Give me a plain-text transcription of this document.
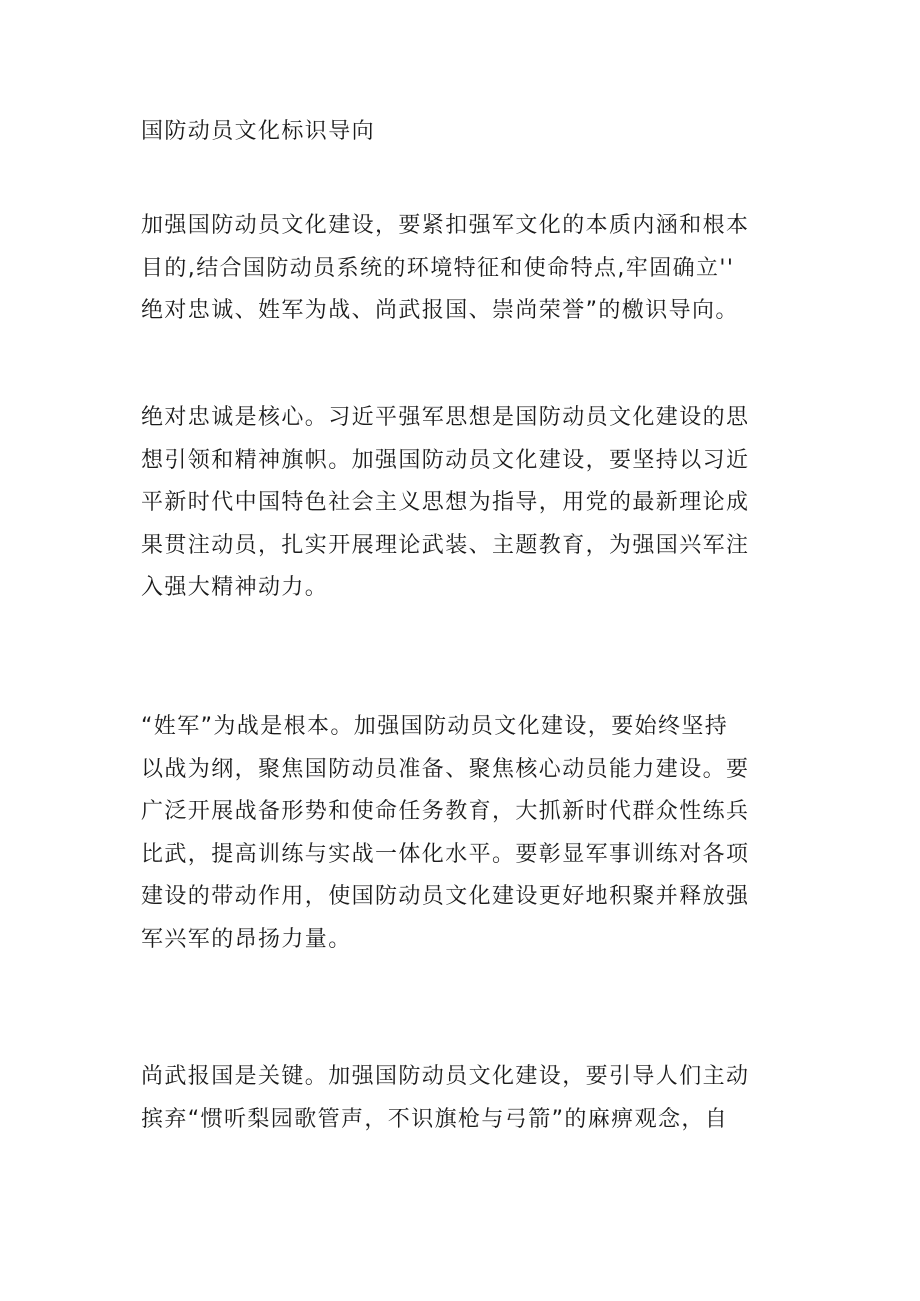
国防动员文化标识导向

加强国防动员文化建设，要紧扣强军文化的本质内涵和根本
目的,结合国防动员系统的环境特征和使命特点,牢固确立''
绝对忠诚、姓军为战、尚武报国、崇尚荣誉”的檄识导向。

绝对忠诚是核心。习近平强军思想是国防动员文化建设的思
想引领和精神旗帜。加强国防动员文化建设，要坚持以习近
平新时代中国特色社会主义思想为指导，用党的最新理论成
果贯注动员，扎实开展理论武装、主题教育，为强国兴军注
入强大精神动力。

“姓军”为战是根本。加强国防动员文化建设，要始终坚持
以战为纲，聚焦国防动员准备、聚焦核心动员能力建设。要
广泛开展战备形势和使命任务教育，大抓新时代群众性练兵
比武，提高训练与实战一体化水平。要彰显军事训练对各项
建设的带动作用，使国防动员文化建设更好地积聚并释放强
军兴军的昂扬力量。

尚武报国是关键。加强国防动员文化建设，要引导人们主动
摈弃“惯听梨园歌管声，不识旗枪与弓箭”的麻痹观念，自
